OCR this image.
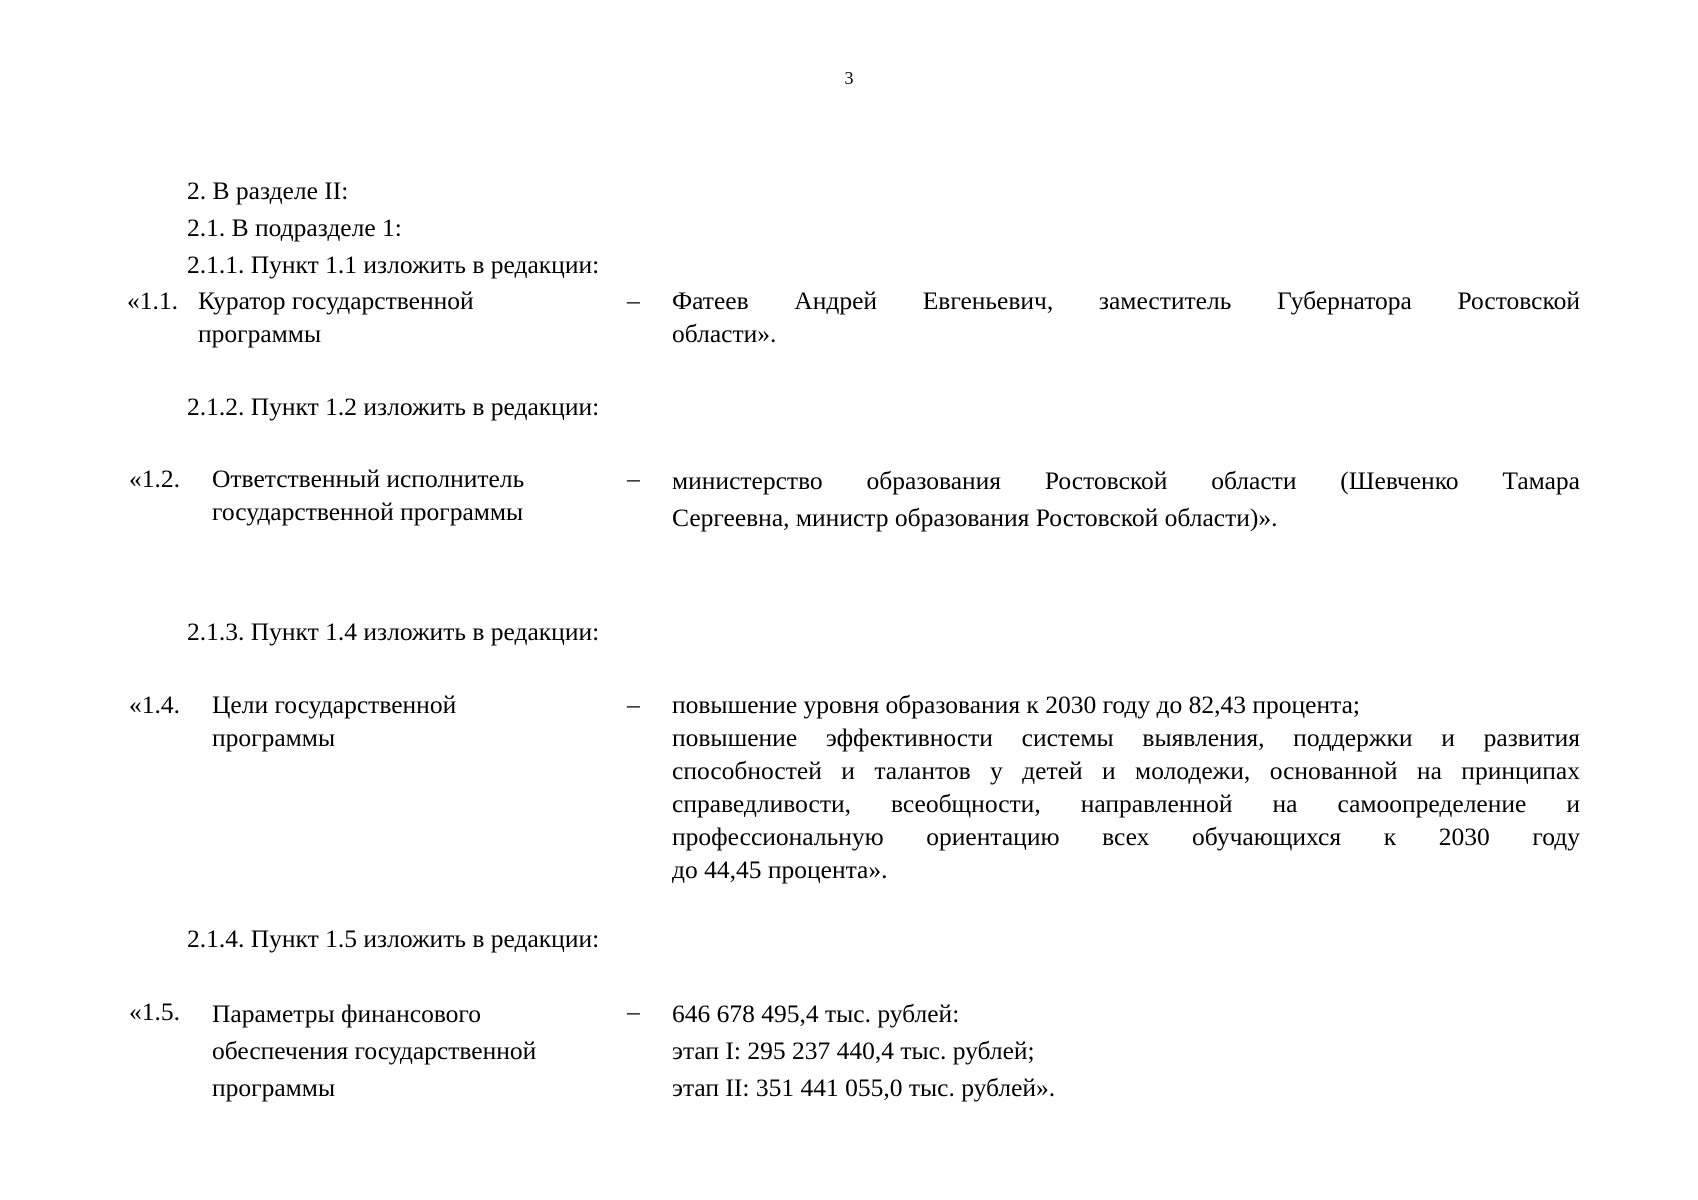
3
2. В разделе II:
2.1. В подразделе 1:
2.1.1. Пункт 1.1 изложить в редакции:
«1.1. Куратор государственной
программы
– Фатеев Андрей Евгеньевич, заместитель Губернатора Ростовской
области».
2.1.2. Пункт 1.2 изложить в редакции:
«1.2. Ответственный исполнитель
государственной программы
– министерство образования Ростовской области (Шевченко Тамара
Сергеевна, министр образования Ростовской области)».
2.1.3. Пункт 1.4 изложить в редакции:
«1.4. Цели государственной
программы
– повышение уровня образования к 2030 году до 82,43 процента;
повышение эффективности системы выявления, поддержки и развития
способностей и талантов у детей и молодежи, основанной на принципах
справедливости, всеобщности, направленной на самоопределение и
профессиональную ориентацию всех обучающихся к 2030 году
до 44,45 процента».
2.1.4. Пункт 1.5 изложить в редакции:
«1.5. Параметры финансового
обеспечения государственной
программы
– 646 678 495,4 тыс. рублей:
этап I: 295 237 440,4 тыс. рублей;
этап II: 351 441 055,0 тыс. рублей».
